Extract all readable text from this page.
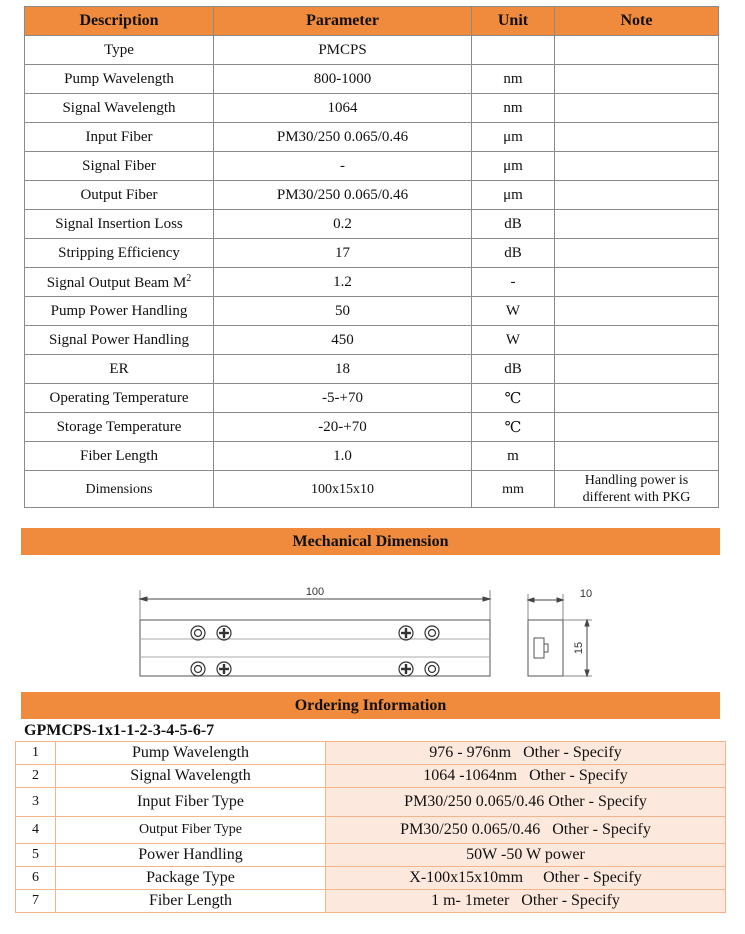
Description	Parameter	Unit	Note
Type	PMCPS		
Pump Wavelength	800-1000	nm	
Signal Wavelength	1064	nm	
Input Fiber	PM30/250 0.065/0.46	μm	
Signal Fiber	-	μm	
Output Fiber	PM30/250 0.065/0.46	μm	
Signal Insertion Loss	0.2	dB	
Stripping Efficiency	17	dB	
Signal Output Beam $M^2$	1.2	-	
Pump Power Handling	50	W	
Signal Power Handling	450	W	
ER	18	dB	
Operating Temperature	-5-+70	℃	
Storage Temperature	-20-+70	℃	
Fiber Length	1.0	m	
Dimensions	100x15x10	mm	Handling power is
different with PKG
Mechanical Dimension
100	10
15
Ordering Information
GPMCPS-1x1-1-2-3-4-5-6-7
1	Pump Wavelength	976 - 976nm   Other - Specify
2	Signal Wavelength	1064 -1064nm   Other - Specify
3	Input Fiber Type	PM30/250 0.065/0.46 Other - Specify
4	Output Fiber Type	PM30/250 0.065/0.46   Other - Specify
5	Power Handling	50W -50 W power
6	Package Type	X-100x15x10mm     Other - Specify
7	Fiber Length	1 m- 1meter   Other - Specify
